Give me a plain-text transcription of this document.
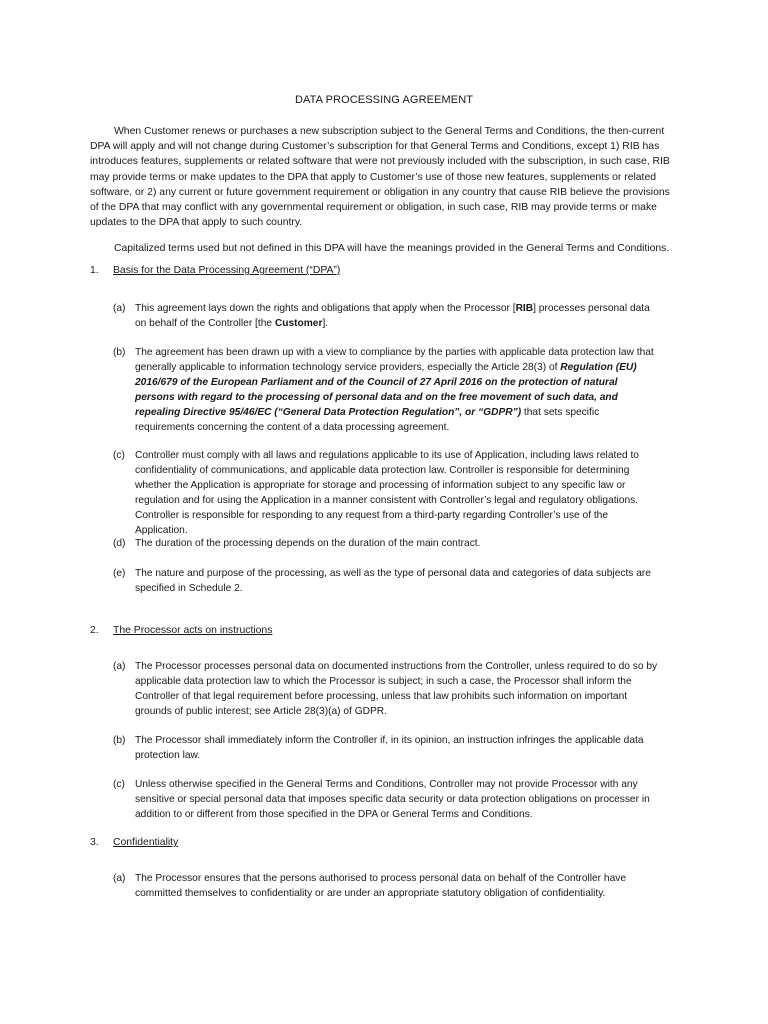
DATA PROCESSING AGREEMENT
When Customer renews or purchases a new subscription subject to the General Terms and Conditions, the then-current DPA will apply and will not change during Customer’s subscription for that General Terms and Conditions, except 1) RIB has introduces features, supplements or related software that were not previously included with the subscription, in such case, RIB may provide terms or make updates to the DPA that apply to Customer’s use of those new features, supplements or related software, or 2) any current or future government requirement or obligation in any country that cause RIB believe the provisions of the DPA that may conflict with any governmental requirement or obligation, in such case, RIB may provide terms or make updates to the DPA that apply to such country.
Capitalized terms used but not defined in this DPA will have the meanings provided in the General Terms and Conditions.
1. Basis for the Data Processing Agreement (“DPA”)
(a) This agreement lays down the rights and obligations that apply when the Processor [RIB] processes personal data on behalf of the Controller [the Customer].
(b) The agreement has been drawn up with a view to compliance by the parties with applicable data protection law that generally applicable to information technology service providers, especially the Article 28(3) of Regulation (EU) 2016/679 of the European Parliament and of the Council of 27 April 2016 on the protection of natural persons with regard to the processing of personal data and on the free movement of such data, and repealing Directive 95/46/EC (“General Data Protection Regulation”, or “GDPR”) that sets specific requirements concerning the content of a data processing agreement.
(c) Controller must comply with all laws and regulations applicable to its use of Application, including laws related to confidentiality of communications, and applicable data protection law. Controller is responsible for determining whether the Application is appropriate for storage and processing of information subject to any specific law or regulation and for using the Application in a manner consistent with Controller’s legal and regulatory obligations. Controller is responsible for responding to any request from a third-party regarding Controller’s use of the Application.
(d) The duration of the processing depends on the duration of the main contract.
(e) The nature and purpose of the processing, as well as the type of personal data and categories of data subjects are specified in Schedule 2.
2. The Processor acts on instructions
(a) The Processor processes personal data on documented instructions from the Controller, unless required to do so by applicable data protection law to which the Processor is subject; in such a case, the Processor shall inform the Controller of that legal requirement before processing, unless that law prohibits such information on important grounds of public interest; see Article 28(3)(a) of GDPR.
(b) The Processor shall immediately inform the Controller if, in its opinion, an instruction infringes the applicable data protection law.
(c) Unless otherwise specified in the General Terms and Conditions, Controller may not provide Processor with any sensitive or special personal data that imposes specific data security or data protection obligations on processer in addition to or different from those specified in the DPA or General Terms and Conditions.
3. Confidentiality
(a) The Processor ensures that the persons authorised to process personal data on behalf of the Controller have committed themselves to confidentiality or are under an appropriate statutory obligation of confidentiality.
